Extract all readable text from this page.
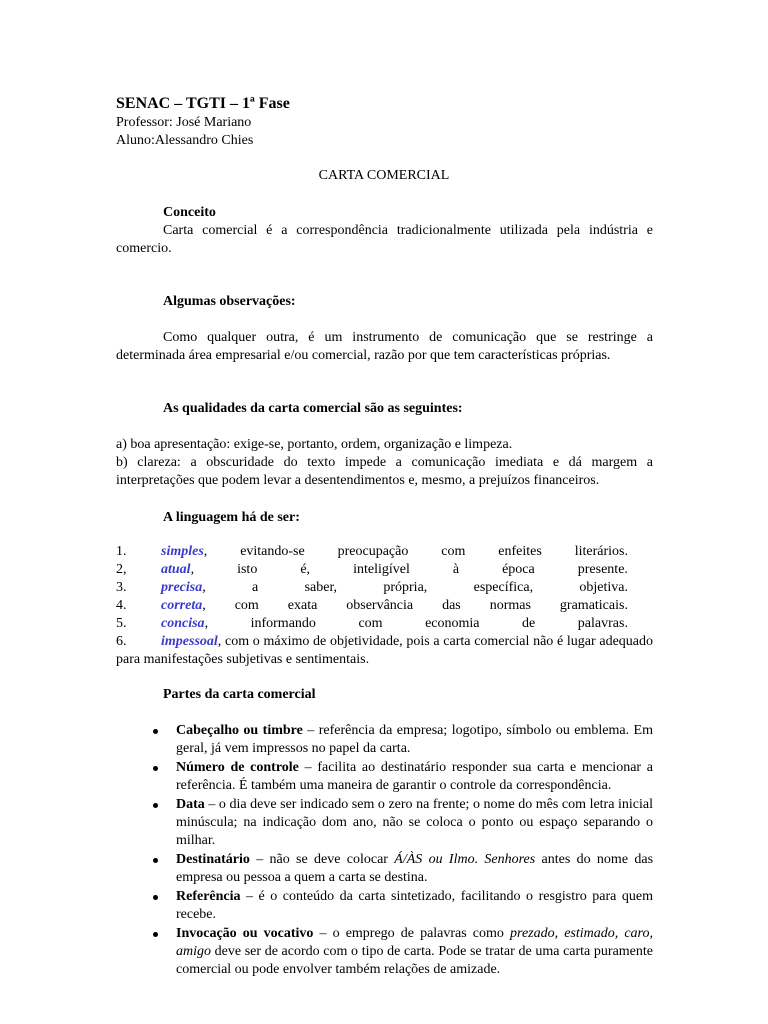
SENAC – TGTI – 1ª Fase
Professor: José Mariano
Aluno:Alessandro Chies
CARTA COMERCIAL
Conceito
Carta comercial é a correspondência tradicionalmente utilizada pela indústria e comercio.
Algumas observações:
Como qualquer outra, é um instrumento de comunicação que se restringe a determinada área empresarial e/ou comercial, razão por que tem características próprias.
As qualidades da carta comercial são as seguintes:
a) boa apresentação: exige-se, portanto, ordem, organização e limpeza.
b) clareza: a obscuridade do texto impede a comunicação imediata e dá margem a interpretações que podem levar a desentendimentos e, mesmo, a prejuízos financeiros.
A linguagem há de ser:
1. simples, evitando-se preocupação com enfeites literários.
2, atual,	isto	é,	inteligível	à	época	presente.
3. precisa,	a	saber,	própria,	específica,	objetiva.
4. correta, com exata observância das normas gramaticais.
5. concisa,	informando	com	economia	de	palavras.
6. impessoal, com o máximo de objetividade, pois a carta comercial não é lugar adequado para manifestações subjetivas e sentimentais.
Partes da carta comercial
Cabeçalho ou timbre – referência da empresa; logotipo, símbolo ou emblema. Em geral, já vem impressos no papel da carta.
Número de controle – facilita ao destinatário responder sua carta e mencionar a referência. É também uma maneira de garantir o controle da correspondência.
Data – o dia deve ser indicado sem o zero na frente; o nome do mês com letra inicial minúscula; na indicação dom ano, não se coloca o ponto ou espaço separando o milhar.
Destinatário – não se deve colocar Á/ÀS ou Ilmo. Senhores antes do nome das empresa ou pessoa a quem a carta se destina.
Referência – é o conteúdo da carta sintetizado, facilitando o resgistro para quem recebe.
Invocação ou vocativo – o emprego de palavras como prezado, estimado, caro, amigo deve ser de acordo com o tipo de carta. Pode se tratar de uma carta puramente comercial ou pode envolver também relações de amizade.
